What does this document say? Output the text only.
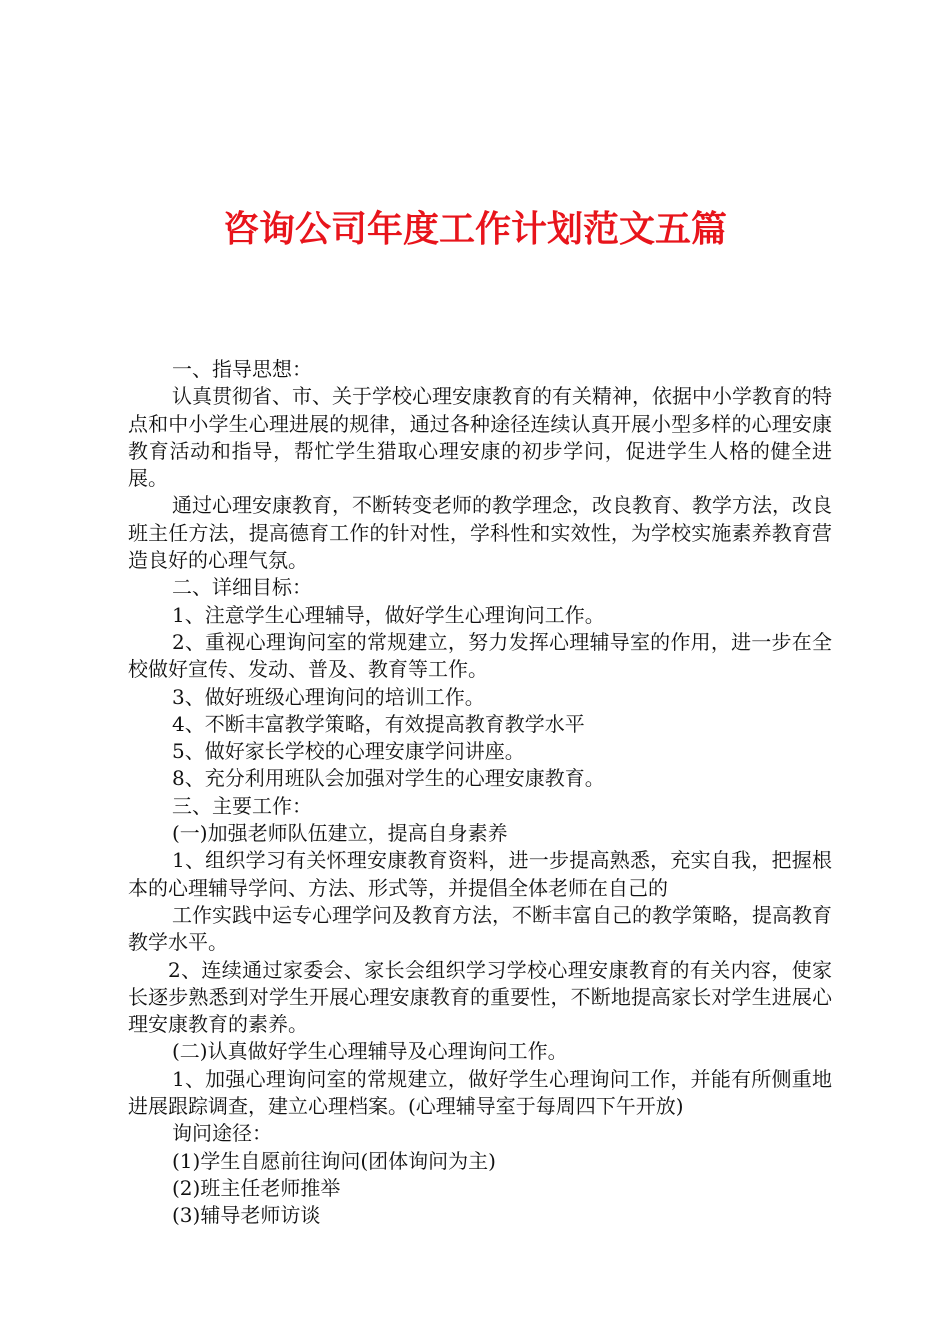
咨询公司年度工作计划范文五篇

一、指导思想：

认真贯彻省、市、关于学校心理安康教育的有关精神，依据中小学教育的特点和中小学生心理进展的规律，通过各种途径连续认真开展小型多样的心理安康教育活动和指导，帮忙学生猎取心理安康的初步学问，促进学生人格的健全进展。

通过心理安康教育，不断转变老师的教学理念，改良教育、教学方法，改良班主任方法，提高德育工作的针对性，学科性和实效性，为学校实施素养教育营造良好的心理气氛。

二、详细目标：

1、注意学生心理辅导，做好学生心理询问工作。

2、重视心理询问室的常规建立，努力发挥心理辅导室的作用，进一步在全校做好宣传、发动、普及、教育等工作。

3、做好班级心理询问的培训工作。

4、不断丰富教学策略，有效提高教育教学水平

5、做好家长学校的心理安康学问讲座。

8、充分利用班队会加强对学生的心理安康教育。

三、主要工作：

(一)加强老师队伍建立，提高自身素养

1、组织学习有关怀理安康教育资料，进一步提高熟悉，充实自我，把握根本的心理辅导学问、方法、形式等，并提倡全体老师在自己的

工作实践中运专心理学问及教育方法，不断丰富自己的教学策略，提高教育教学水平。

2、连续通过家委会、家长会组织学习学校心理安康教育的有关内容，使家长逐步熟悉到对学生开展心理安康教育的重要性，不断地提高家长对学生进展心理安康教育的素养。

(二)认真做好学生心理辅导及心理询问工作。

1、加强心理询问室的常规建立，做好学生心理询问工作，并能有所侧重地进展跟踪调查，建立心理档案。(心理辅导室于每周四下午开放)

询问途径：

(1)学生自愿前往询问(团体询问为主)

(2)班主任老师推举

(3)辅导老师访谈
